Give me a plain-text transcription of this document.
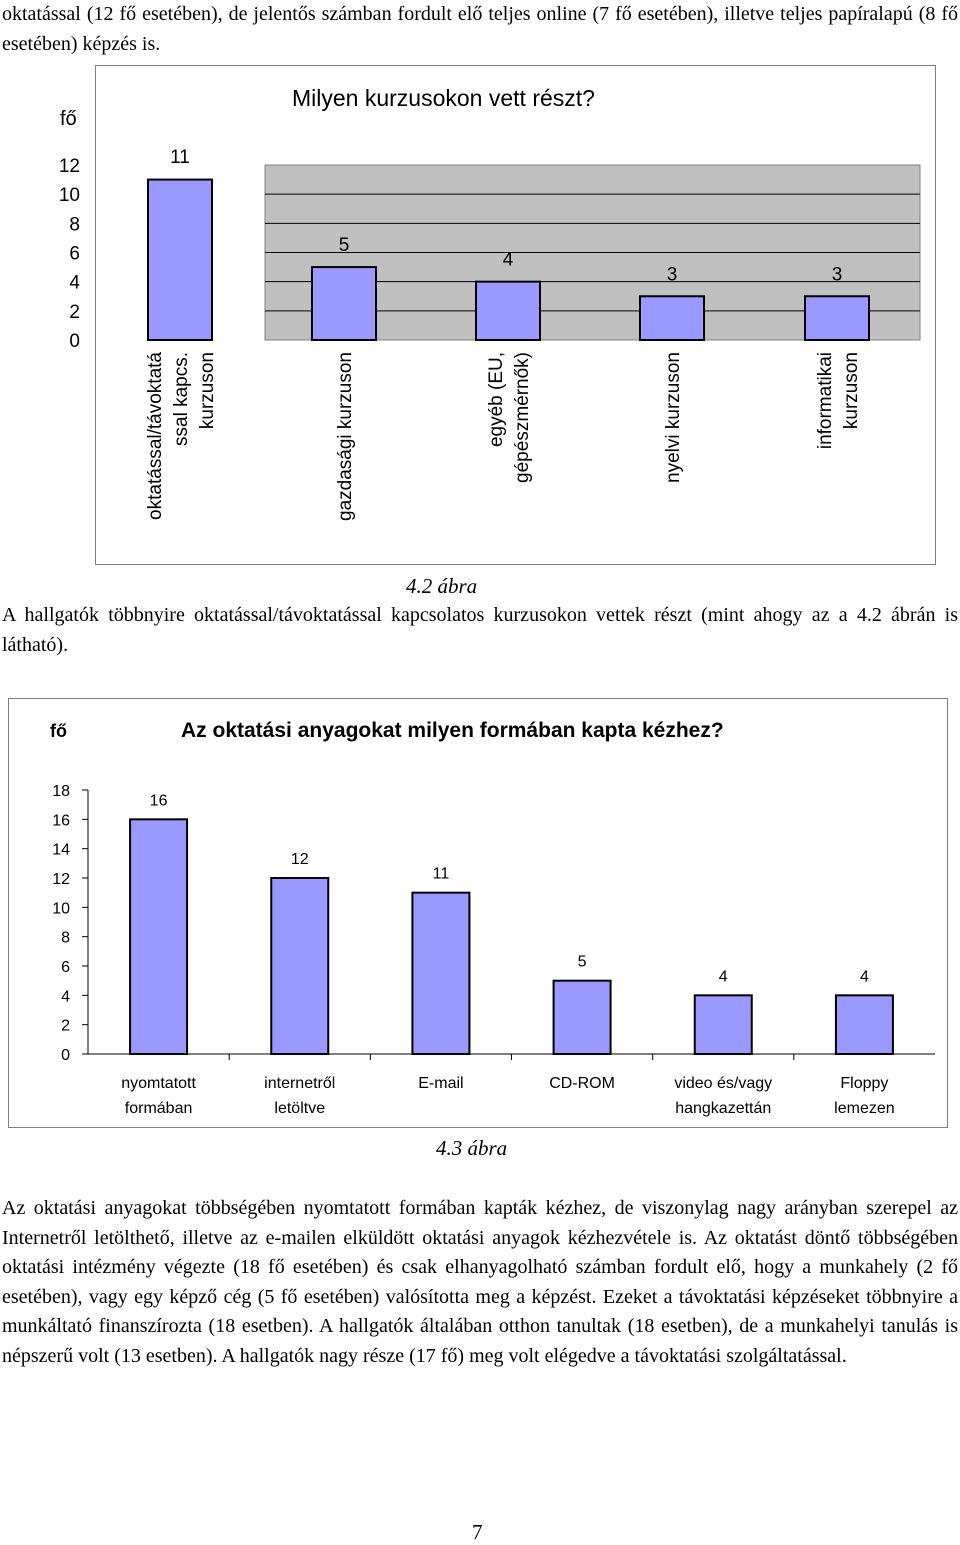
oktatással (12 fő esetében), de jelentős számban fordult elő teljes online (7 fő esetében), illetve teljes papíralapú (8 fő esetében) képzés is.

0
2
4
6
8
10
12
fő
Milyen kurzusokon vett részt?
11
oktatással/távoktatá ssal kapcs. kurzuson
5
gazdasági kurzuson
4
egyéb (EU, gépészmérnők)
3
nyelvi kurzuson
3
informatikai kurzuson

4.2 ábra

A hallgatók többnyire oktatással/távoktatással kapcsolatos kurzusokon vettek részt (mint ahogy az a 4.2 ábrán is látható).

0
2
4
6
8
10
12
14
16
18
fő	Az oktatási anyagokat milyen formában kapta kézhez?
16
nyomtatott
formában
12
internetről
letöltve
11
E-mail
5
CD-ROM
4
video és/vagy
hangkazettán
4
Floppy
lemezen

4.3 ábra

Az oktatási anyagokat többségében nyomtatott formában kapták kézhez, de viszonylag nagy arányban szerepel az Internetről letölthető, illetve az e-mailen elküldött oktatási anyagok kézhezvétele is. Az oktatást döntő többségében oktatási intézmény végezte (18 fő esetében) és csak elhanyagolható számban fordult elő, hogy a munkahely (2 fő esetében), vagy egy képző cég (5 fő esetében) valósította meg a képzést. Ezeket a távoktatási képzéseket többnyire a munkáltató finanszírozta (18 esetben). A hallgatók általában otthon tanultak (18 esetben), de a munkahelyi tanulás is népszerű volt (13 esetben). A hallgatók nagy része (17 fő) meg volt elégedve a távoktatási szolgáltatással.

7
